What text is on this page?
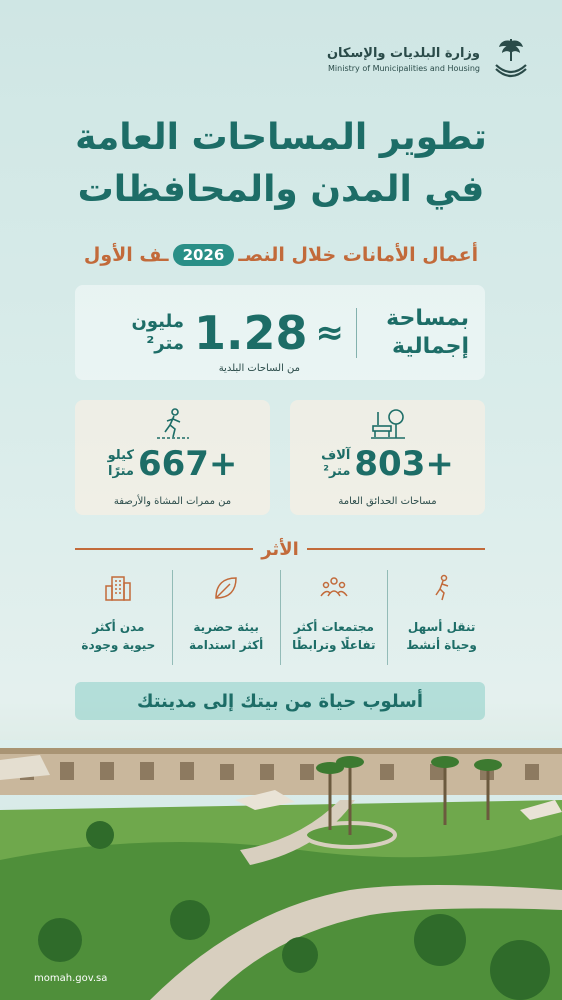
وزارة البلديات والإسكان
Ministry of Municipalities and Housing
تطوير المساحات العامة
في المدن والمحافظات
أعمال الأمانات خلال النصـ
2026
ـف الأول
بمساحة
إجمالية
≈
1.28
مليون
متر²
من الساحات البلدية
803+
آلاف
متر²
مساحات الحدائق العامة
667+
كيلو
مترًا
من ممرات المشاة والأرصفة
الأثر
تنقل أسهل
وحياة أنشط
مجتمعات أكثر
تفاعلًا وترابطًا
بيئة حضرية
أكثر استدامة
مدن أكثر
حيوية وجودة
أسلوب حياة من بيتك إلى مدينتك
momah.gov.sa
